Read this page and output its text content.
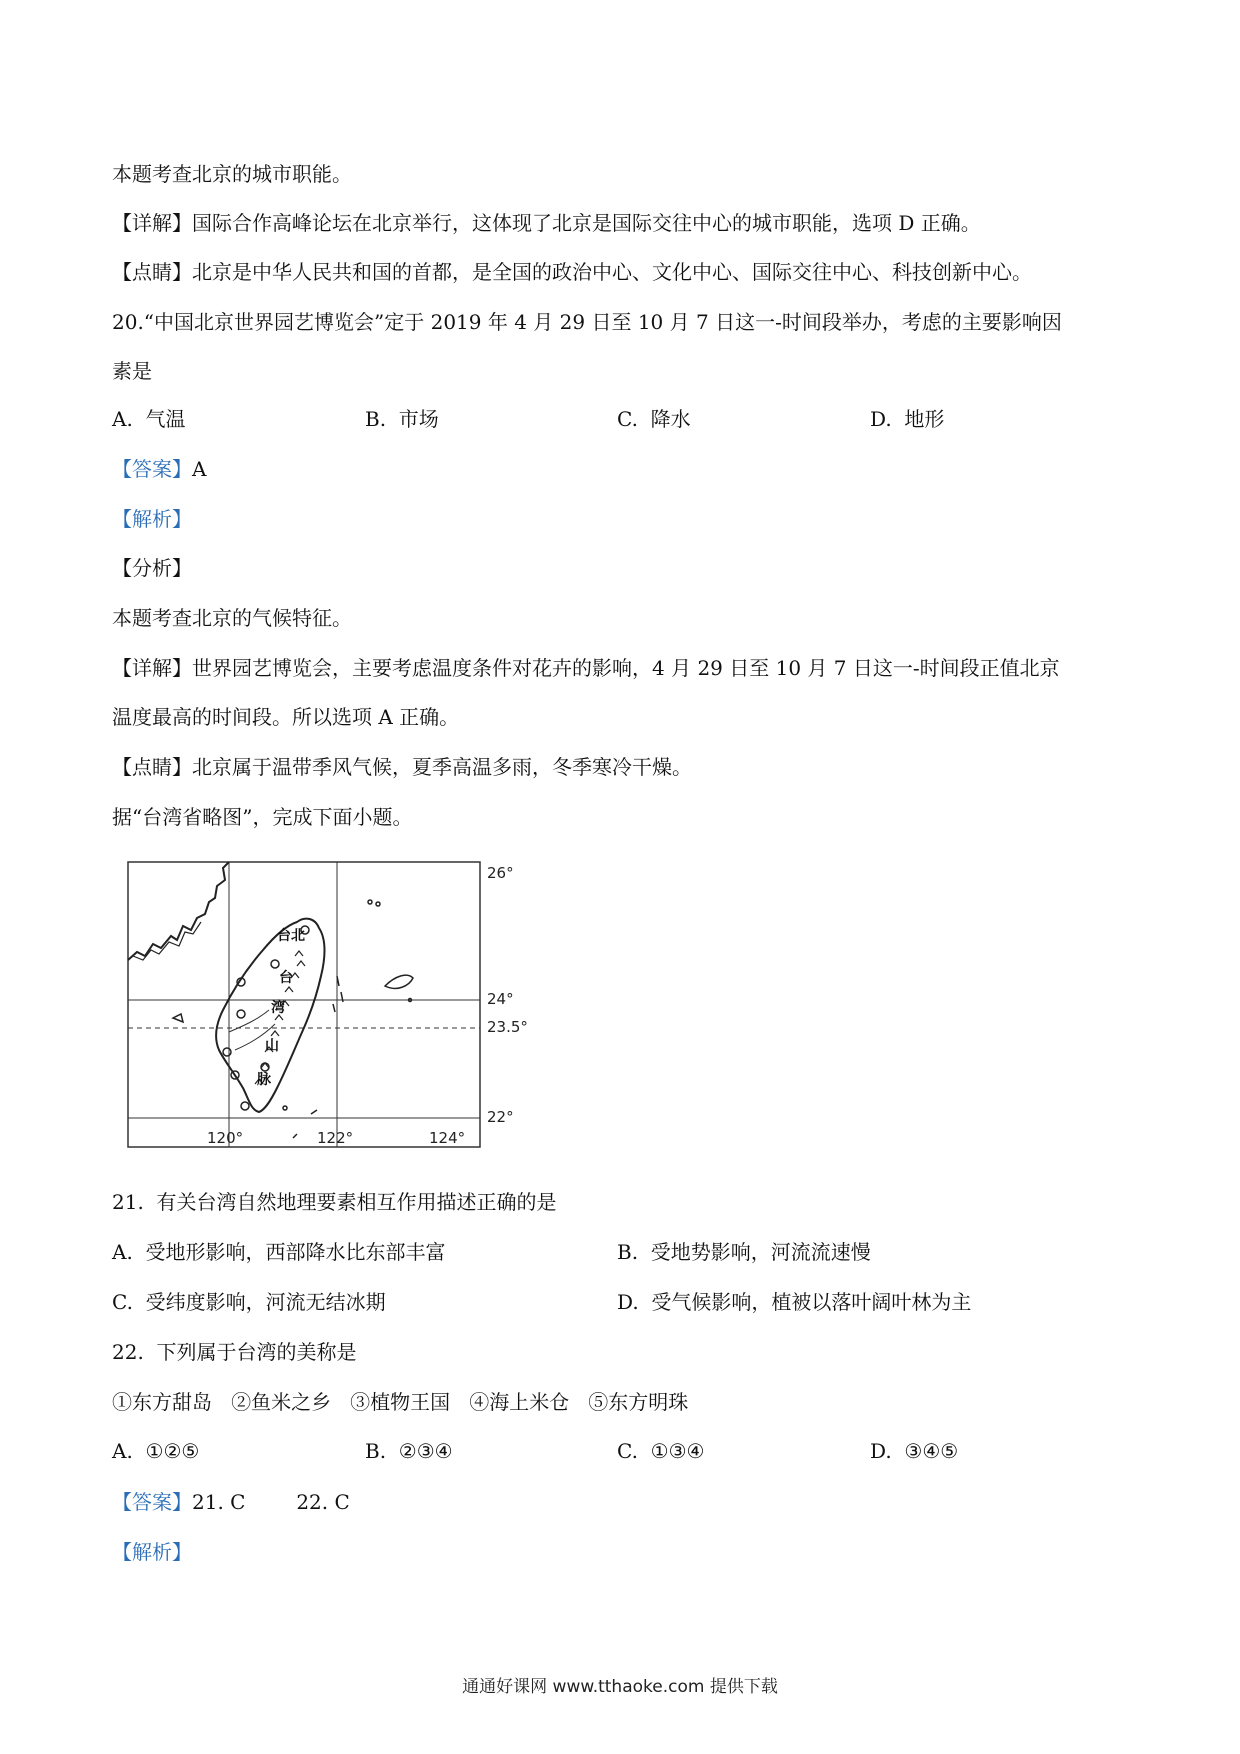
本题考查北京的城市职能。
【详解】国际合作高峰论坛在北京举行，这体现了北京是国际交往中心的城市职能，选项 D 正确。
【点睛】北京是中华人民共和国的首都，是全国的政治中心、文化中心、国际交往中心、科技创新中心。
20.“中国北京世界园艺博览会”定于 2019 年 4 月 29 日至 10 月 7 日这一-时间段举办，考虑的主要影响因
素是
A.  气温	B.  市场	C.  降水	D.  地形
【答案】A
【解析】
【分析】
本题考查北京的气候特征。
【详解】世界园艺博览会，主要考虑温度条件对花卉的影响，4 月 29 日至 10 月 7 日这一-时间段正值北京
温度最高的时间段。所以选项 A 正确。
【点睛】北京属于温带季风气候，夏季高温多雨，冬季寒冷干燥。
据“台湾省略图”，完成下面小题。
台北
台
湾
山
脉
26°
24°
23.5°
22°
120°	122°	124°
21.  有关台湾自然地理要素相互作用描述正确的是
A.  受地形影响，西部降水比东部丰富	B.  受地势影响，河流流速慢
C.  受纬度影响，河流无结冰期	D.  受气候影响，植被以落叶阔叶林为主
22.  下列属于台湾的美称是
①东方甜岛   ②鱼米之乡   ③植物王国   ④海上米仓   ⑤东方明珠
A.  ①②⑤	B.  ②③④	C.  ①③④	D.  ③④⑤
【答案】21. C	22. C
【解析】
通通好课网 www.tthaoke.com 提供下载
